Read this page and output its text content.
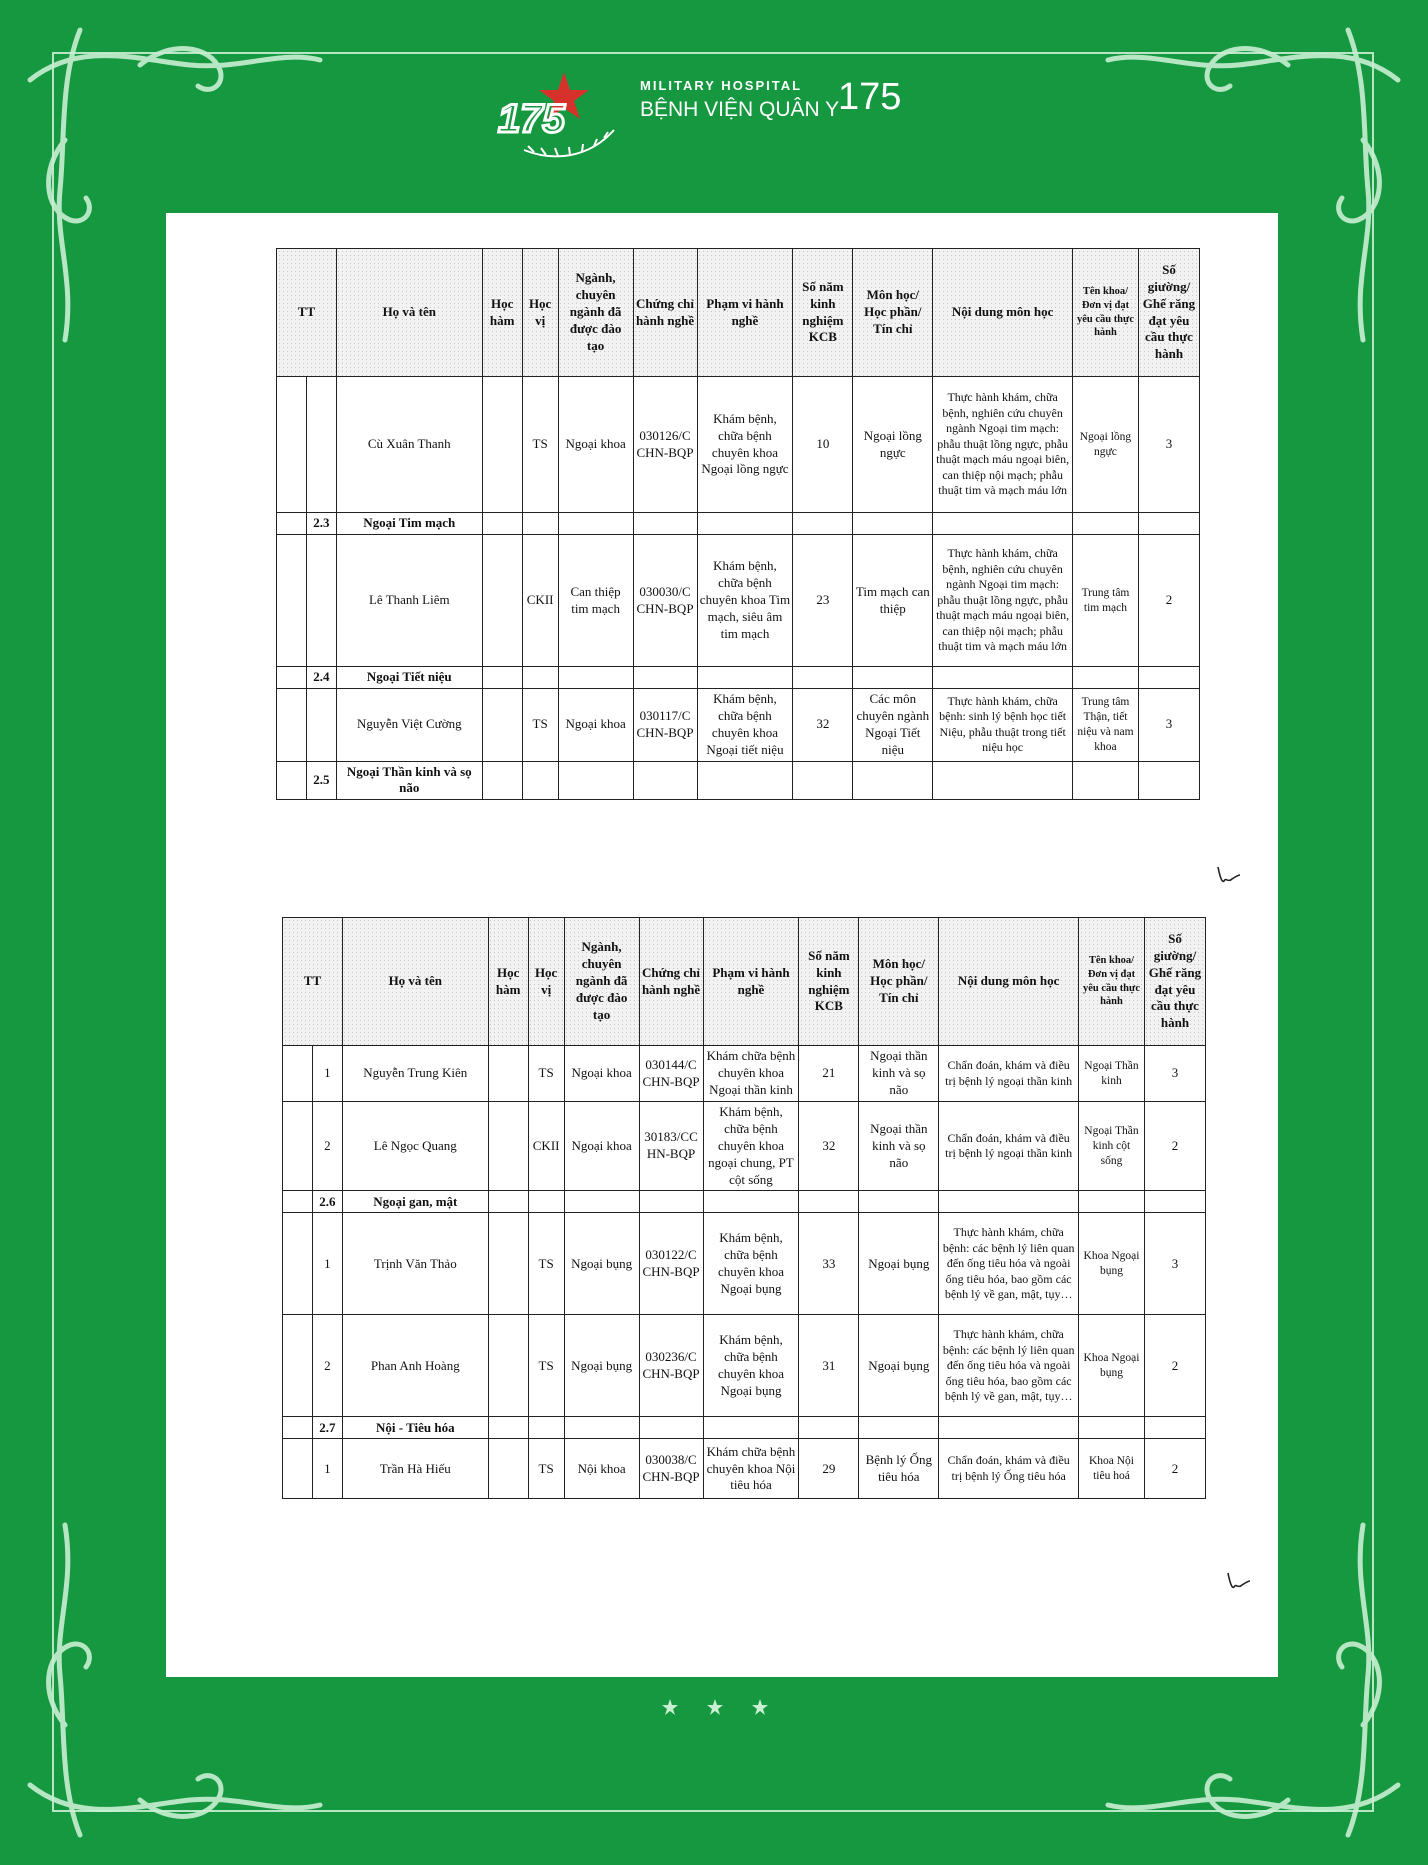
175
MILITARY HOSPITAL
BỆNH VIỆN QUÂN Y
175
TT		Họ và tên	Học hàm	Học vị	Ngành, chuyên ngành đã được đào tạo	Chứng chỉ hành nghề	Phạm vi hành nghề	Số năm kinh nghiệm KCB	Môn học/ Học phần/ Tín chỉ	Nội dung môn học	Tên khoa/ Đơn vị đạt yêu cầu thực hành	Số giường/ Ghế răng đạt yêu cầu thực hành
		Cù Xuân Thanh		TS	Ngoại khoa	030126/C CHN-BQP	Khám bệnh, chữa bệnh chuyên khoa Ngoại lồng ngực	10	Ngoại lồng ngực	Thực hành khám, chữa bệnh, nghiên cứu chuyên ngành Ngoại tim mạch: phẫu thuật lồng ngực, phẫu thuật mạch máu ngoại biên, can thiệp nội mạch; phẫu thuật tim và mạch máu lớn	Ngoại lồng ngực	3
	2.3	Ngoại Tim mạch										
		Lê Thanh Liêm		CKII	Can thiệp tim mạch	030030/C CHN-BQP	Khám bệnh, chữa bệnh chuyên khoa Tim mạch, siêu âm tim mạch	23	Tim mạch can thiệp	Thực hành khám, chữa bệnh, nghiên cứu chuyên ngành Ngoại tim mạch: phẫu thuật lồng ngực, phẫu thuật mạch máu ngoại biên, can thiệp nội mạch; phẫu thuật tim và mạch máu lớn	Trung tâm tim mạch	2
	2.4	Ngoại Tiết niệu										
		Nguyễn Việt Cường		TS	Ngoại khoa	030117/C CHN-BQP	Khám bệnh, chữa bệnh chuyên khoa Ngoại tiết niệu	32	Các môn chuyên ngành Ngoại Tiết niệu	Thực hành khám, chữa bệnh: sinh lý bệnh học tiết Niệu, phẫu thuật trong tiết niệu học	Trung tâm Thận, tiết niệu và nam khoa	3
	2.5	Ngoại Thần kinh và sọ não										
TT		Họ và tên	Học hàm	Học vị	Ngành, chuyên ngành đã được đào tạo	Chứng chỉ hành nghề	Phạm vi hành nghề	Số năm kinh nghiệm KCB	Môn học/ Học phần/ Tín chỉ	Nội dung môn học	Tên khoa/ Đơn vị đạt yêu cầu thực hành	Số giường/ Ghế răng đạt yêu cầu thực hành
	1	Nguyễn Trung Kiên		TS	Ngoại khoa	030144/C CHN-BQP	Khám chữa bệnh chuyên khoa Ngoại thần kinh	21	Ngoại thần kinh và sọ não	Chẩn đoán, khám và điều trị bệnh lý ngoại thần kinh	Ngoại Thần kinh	3
	2	Lê Ngọc Quang		CKII	Ngoại khoa	30183/CC HN-BQP	Khám bệnh, chữa bệnh chuyên khoa ngoại chung, PT cột sống	32	Ngoại thần kinh và sọ não	Chẩn đoán, khám và điều trị bệnh lý ngoại thần kinh	Ngoại Thần kinh cột sống	2
	2.6	Ngoại gan, mật										
	1	Trịnh Văn Thảo		TS	Ngoại bụng	030122/C CHN-BQP	Khám bệnh, chữa bệnh chuyên khoa Ngoại bụng	33	Ngoại bụng	Thực hành khám, chữa bệnh: các bệnh lý liên quan đến ống tiêu hóa và ngoài ống tiêu hóa, bao gồm các bệnh lý về gan, mật, tụy…	Khoa Ngoại bụng	3
	2	Phan Anh Hoàng		TS	Ngoại bụng	030236/C CHN-BQP	Khám bệnh, chữa bệnh chuyên khoa Ngoại bụng	31	Ngoại bụng	Thực hành khám, chữa bệnh: các bệnh lý liên quan đến ống tiêu hóa và ngoài ống tiêu hóa, bao gồm các bệnh lý về gan, mật, tụy…	Khoa Ngoại bụng	2
	2.7	Nội - Tiêu hóa										
	1	Trần Hà Hiếu		TS	Nội khoa	030038/C CHN-BQP	Khám chữa bệnh chuyên khoa Nội tiêu hóa	29	Bệnh lý Ống tiêu hóa	Chẩn đoán, khám và điều trị bệnh lý Ống tiêu hóa	Khoa Nội tiêu hoá	2
